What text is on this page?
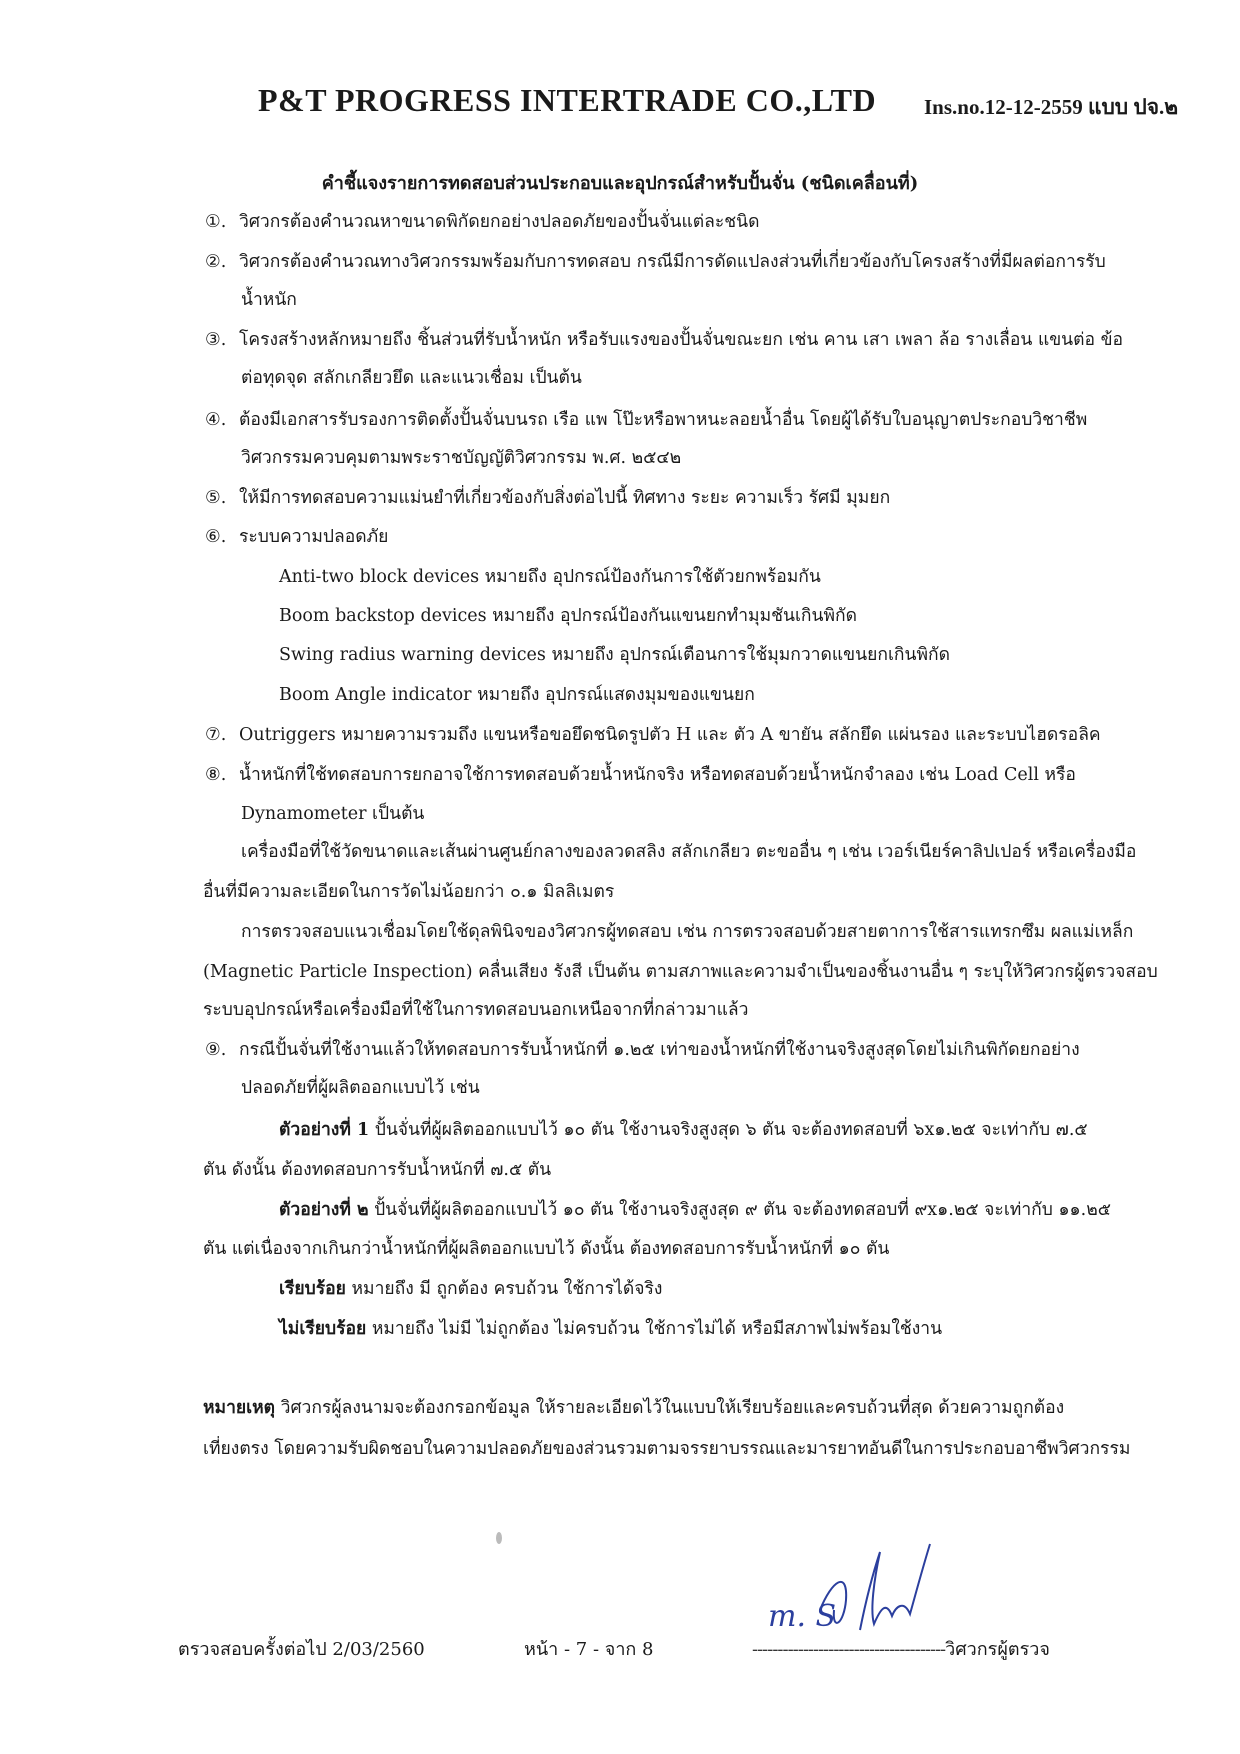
P&T PROGRESS INTERTRADE CO.,LTD Ins.no.12-12-2559 แบบ ปจ.๒
คำชี้แจงรายการทดสอบส่วนประกอบและอุปกรณ์สำหรับปั้นจั่น (ชนิดเคลื่อนที่)
①. วิศวกรต้องคำนวณหาขนาดพิกัดยกอย่างปลอดภัยของปั้นจั่นแต่ละชนิด
②. วิศวกรต้องคำนวณทางวิศวกรรมพร้อมกับการทดสอบ กรณีมีการดัดแปลงส่วนที่เกี่ยวข้องกับโครงสร้างที่มีผลต่อการรับ
น้ำหนัก
③. โครงสร้างหลักหมายถึง ชิ้นส่วนที่รับน้ำหนัก หรือรับแรงของปั้นจั่นขณะยก เช่น คาน เสา เพลา ล้อ รางเลื่อน แขนต่อ ข้อ
ต่อทุดจุด สลักเกลียวยึด และแนวเชื่อม เป็นต้น
④. ต้องมีเอกสารรับรองการติดตั้งปั้นจั่นบนรถ เรือ แพ โป๊ะหรือพาหนะลอยน้ำอื่น โดยผู้ได้รับใบอนุญาตประกอบวิชาชีพ
วิศวกรรมควบคุมตามพระราชบัญญัติวิศวกรรม พ.ศ. ๒๕๔๒
⑤. ให้มีการทดสอบความแม่นยำที่เกี่ยวข้องกับสิ่งต่อไปนี้ ทิศทาง ระยะ ความเร็ว รัศมี มุมยก
⑥. ระบบความปลอดภัย
Anti-two block devices หมายถึง อุปกรณ์ป้องกันการใช้ตัวยกพร้อมกัน
Boom backstop devices หมายถึง อุปกรณ์ป้องกันแขนยกทำมุมชันเกินพิกัด
Swing radius warning devices หมายถึง อุปกรณ์เตือนการใช้มุมกวาดแขนยกเกินพิกัด
Boom Angle indicator หมายถึง อุปกรณ์แสดงมุมของแขนยก
⑦. Outriggers หมายความรวมถึง แขนหรือขอยึดชนิดรูปตัว H และ ตัว A ขายัน สลักยึด แผ่นรอง และระบบไฮดรอลิค
⑧. น้ำหนักที่ใช้ทดสอบการยกอาจใช้การทดสอบด้วยน้ำหนักจริง หรือทดสอบด้วยน้ำหนักจำลอง เช่น Load Cell หรือ
Dynamometer เป็นต้น
เครื่องมือที่ใช้วัดขนาดและเส้นผ่านศูนย์กลางของลวดสลิง สลักเกลียว ตะขออื่น ๆ เช่น เวอร์เนียร์คาลิปเปอร์ หรือเครื่องมือ
อื่นที่มีความละเอียดในการวัดไม่น้อยกว่า ๐.๑ มิลลิเมตร
การตรวจสอบแนวเชื่อมโดยใช้ดุลพินิจของวิศวกรผู้ทดสอบ เช่น การตรวจสอบด้วยสายตาการใช้สารแทรกซึม ผลแม่เหล็ก
(Magnetic Particle Inspection) คลื่นเสียง รังสี เป็นต้น ตามสภาพและความจำเป็นของชิ้นงานอื่น ๆ ระบุให้วิศวกรผู้ตรวจสอบ
ระบบอุปกรณ์หรือเครื่องมือที่ใช้ในการทดสอบนอกเหนือจากที่กล่าวมาแล้ว
⑨. กรณีปั้นจั่นที่ใช้งานแล้วให้ทดสอบการรับน้ำหนักที่ ๑.๒๕ เท่าของน้ำหนักที่ใช้งานจริงสูงสุดโดยไม่เกินพิกัดยกอย่าง
ปลอดภัยที่ผู้ผลิตออกแบบไว้ เช่น
ตัวอย่างที่ 1 ปั้นจั่นที่ผู้ผลิตออกแบบไว้ ๑๐ ตัน ใช้งานจริงสูงสุด ๖ ตัน จะต้องทดสอบที่ ๖x๑.๒๕ จะเท่ากับ ๗.๕
ตัน ดังนั้น ต้องทดสอบการรับน้ำหนักที่ ๗.๕ ตัน
ตัวอย่างที่ ๒ ปั้นจั่นที่ผู้ผลิตออกแบบไว้ ๑๐ ตัน ใช้งานจริงสูงสุด ๙ ตัน จะต้องทดสอบที่ ๙x๑.๒๕ จะเท่ากับ ๑๑.๒๕
ตัน แต่เนื่องจากเกินกว่าน้ำหนักที่ผู้ผลิตออกแบบไว้ ดังนั้น ต้องทดสอบการรับน้ำหนักที่ ๑๐ ตัน
เรียบร้อย หมายถึง มี ถูกต้อง ครบถ้วน ใช้การได้จริง
ไม่เรียบร้อย หมายถึง ไม่มี ไม่ถูกต้อง ไม่ครบถ้วน ใช้การไม่ได้ หรือมีสภาพไม่พร้อมใช้งาน
หมายเหตุ วิศวกรผู้ลงนามจะต้องกรอกข้อมูล ให้รายละเอียดไว้ในแบบให้เรียบร้อยและครบถ้วนที่สุด ด้วยความถูกต้อง
เที่ยงตรง โดยความรับผิดชอบในความปลอดภัยของส่วนรวมตามจรรยาบรรณและมารยาทอันดีในการประกอบอาชีพวิศวกรรม
ตรวจสอบครั้งต่อไป 2/03/2560	หน้า - 7 - จาก 8
m. S
--------------------------------------วิศวกรผู้ตรวจ
